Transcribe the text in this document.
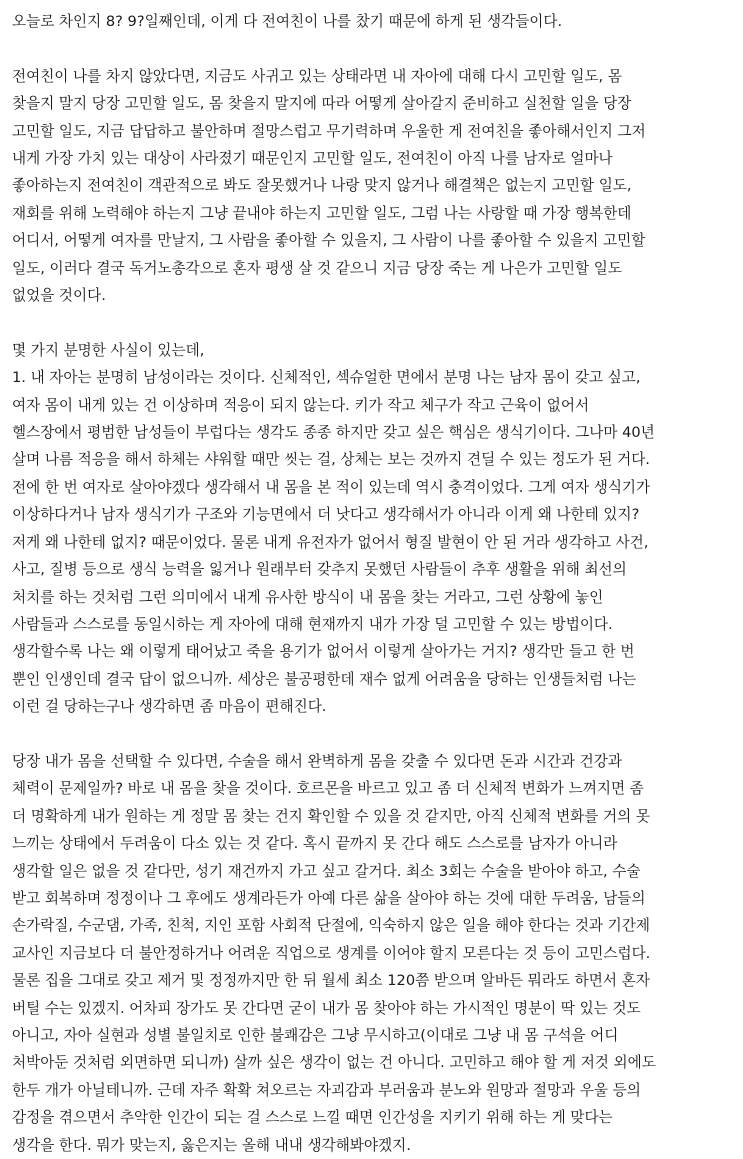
오늘로 차인지 8? 9?일째인데, 이게 다 전여친이 나를 찼기 때문에 하게 된 생각들이다.
전여친이 나를 차지 않았다면, 지금도 사귀고 있는 상태라면 내 자아에 대해 다시 고민할 일도, 몸
찾을지 말지 당장 고민할 일도, 몸 찾을지 말지에 따라 어떻게 살아갈지 준비하고 실천할 일을 당장
고민할 일도, 지금 답답하고 불안하며 절망스럽고 무기력하며 우울한 게 전여친을 좋아해서인지 그저
내게 가장 가치 있는 대상이 사라졌기 때문인지 고민할 일도, 전여친이 아직 나를 남자로 얼마나
좋아하는지 전여친이 객관적으로 봐도 잘못했거나 나랑 맞지 않거나 해결책은 없는지 고민할 일도,
재회를 위해 노력해야 하는지 그냥 끝내야 하는지 고민할 일도, 그럼 나는 사랑할 때 가장 행복한데
어디서, 어떻게 여자를 만날지, 그 사람을 좋아할 수 있을지, 그 사람이 나를 좋아할 수 있을지 고민할
일도, 이러다 결국 독거노총각으로 혼자 평생 살 것 같으니 지금 당장 죽는 게 나은가 고민할 일도
없었을 것이다.
몇 가지 분명한 사실이 있는데,
1. 내 자아는 분명히 남성이라는 것이다. 신체적인, 섹슈얼한 면에서 분명 나는 남자 몸이 갖고 싶고,
여자 몸이 내게 있는 건 이상하며 적응이 되지 않는다. 키가 작고 체구가 작고 근육이 없어서
헬스장에서 평범한 남성들이 부럽다는 생각도 종종 하지만 갖고 싶은 핵심은 생식기이다. 그나마 40년
살며 나름 적응을 해서 하체는 샤워할 때만 씻는 걸, 상체는 보는 것까지 견딜 수 있는 정도가 된 거다.
전에 한 번 여자로 살아야겠다 생각해서 내 몸을 본 적이 있는데 역시 충격이었다. 그게 여자 생식기가
이상하다거나 남자 생식기가 구조와 기능면에서 더 낫다고 생각해서가 아니라 이게 왜 나한테 있지?
저게 왜 나한테 없지? 때문이었다. 물론 내게 유전자가 없어서 형질 발현이 안 된 거라 생각하고 사건,
사고, 질병 등으로 생식 능력을 잃거나 원래부터 갖추지 못했던 사람들이 추후 생활을 위해 최선의
처치를 하는 것처럼 그런 의미에서 내게 유사한 방식이 내 몸을 찾는 거라고, 그런 상황에 놓인
사람들과 스스로를 동일시하는 게 자아에 대해 현재까지 내가 가장 덜 고민할 수 있는 방법이다.
생각할수록 나는 왜 이렇게 태어났고 죽을 용기가 없어서 이렇게 살아가는 거지? 생각만 들고 한 번
뿐인 인생인데 결국 답이 없으니까. 세상은 불공평한데 재수 없게 어려움을 당하는 인생들처럼 나는
이런 걸 당하는구나 생각하면 좀 마음이 편해진다.
당장 내가 몸을 선택할 수 있다면, 수술을 해서 완벽하게 몸을 갖출 수 있다면 돈과 시간과 건강과
체력이 문제일까? 바로 내 몸을 찾을 것이다. 호르몬을 바르고 있고 좀 더 신체적 변화가 느껴지면 좀
더 명확하게 내가 원하는 게 정말 몸 찾는 건지 확인할 수 있을 것 같지만, 아직 신체적 변화를 거의 못
느끼는 상태에서 두려움이 다소 있는 것 같다. 혹시 끝까지 못 간다 해도 스스로를 남자가 아니라
생각할 일은 없을 것 같다만, 성기 재건까지 가고 싶고 갈거다. 최소 3회는 수술을 받아야 하고, 수술
받고 회복하며 정정이나 그 후에도 생계라든가 아예 다른 삶을 살아야 하는 것에 대한 두려움, 남들의
손가락질, 수군댐, 가족, 친척, 지인 포함 사회적 단절에, 익숙하지 않은 일을 해야 한다는 것과 기간제
교사인 지금보다 더 불안정하거나 어려운 직업으로 생계를 이어야 할지 모른다는 것 등이 고민스럽다.
물론 집을 그대로 갖고 제거 및 정정까지만 한 뒤 월세 최소 120쯤 받으며 알바든 뭐라도 하면서 혼자
버틸 수는 있겠지. 어차피 장가도 못 간다면 굳이 내가 몸 찾아야 하는 가시적인 명분이 딱 있는 것도
아니고, 자아 실현과 성별 불일치로 인한 불쾌감은 그냥 무시하고(이대로 그냥 내 몸 구석을 어디
처박아둔 것처럼 외면하면 되니까) 살까 싶은 생각이 없는 건 아니다. 고민하고 해야 할 게 저것 외에도
한두 개가 아닐테니까. 근데 자주 확확 쳐오르는 자괴감과 부러움과 분노와 원망과 절망과 우울 등의
감정을 겪으면서 추악한 인간이 되는 걸 스스로 느낄 때면 인간성을 지키기 위해 하는 게 맞다는
생각을 한다. 뭐가 맞는지, 옳은지는 올해 내내 생각해봐야겠지.
